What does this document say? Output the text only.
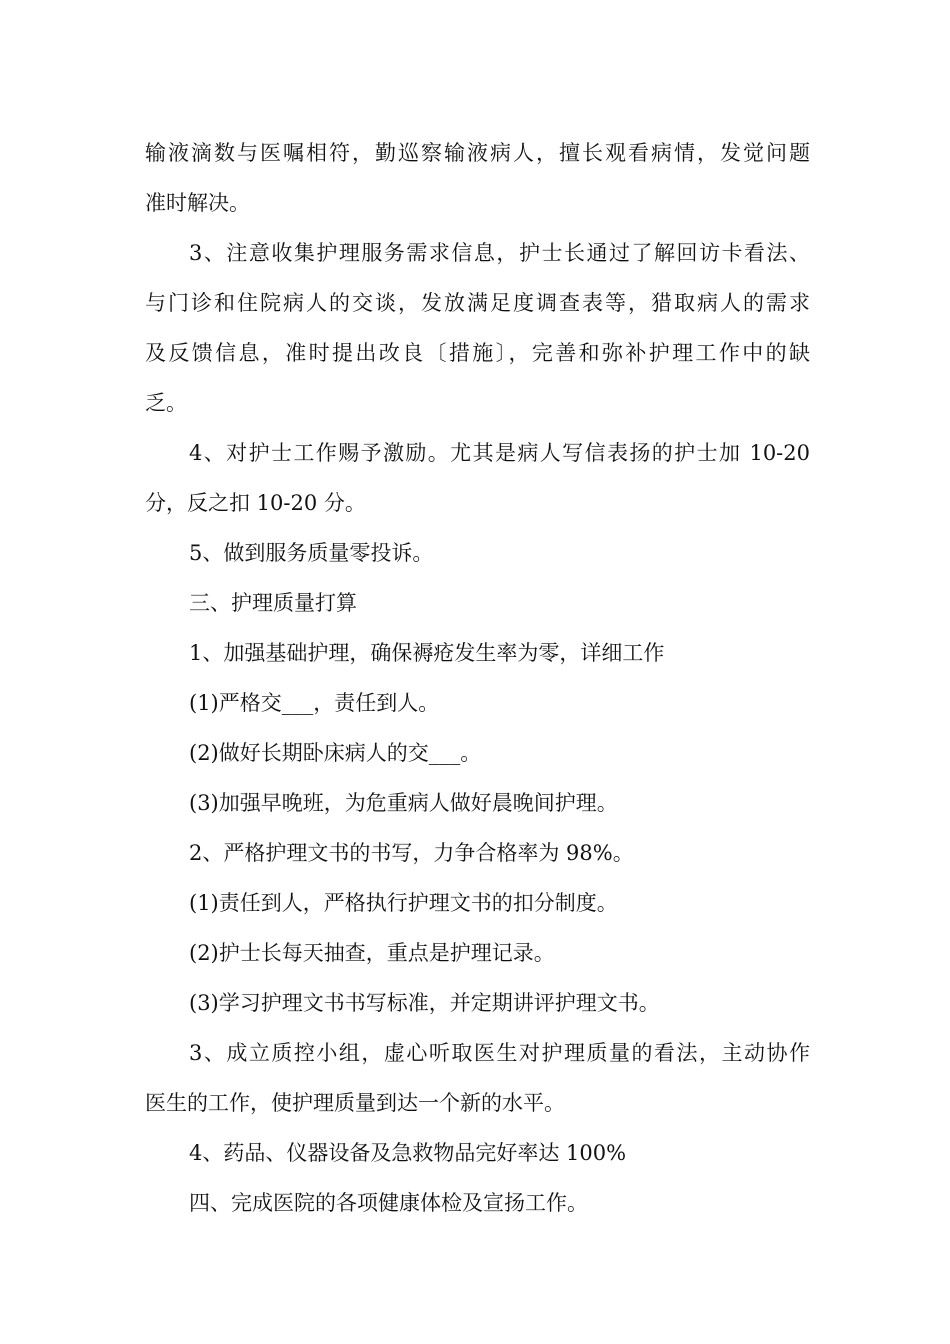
输液滴数与医嘱相符，勤巡察输液病人，擅长观看病情，发觉问题
准时解决。
3、注意收集护理服务需求信息，护士长通过了解回访卡看法、
与门诊和住院病人的交谈，发放满足度调查表等，猎取病人的需求
及反馈信息，准时提出改良〔措施〕，完善和弥补护理工作中的缺
乏。
4、对护士工作赐予激励。尤其是病人写信表扬的护士加 10-20
分，反之扣 10-20 分。
5、做到服务质量零投诉。
三、护理质量打算
1、加强基础护理，确保褥疮发生率为零，详细工作
(1)严格交___，责任到人。
(2)做好长期卧床病人的交___。
(3)加强早晚班，为危重病人做好晨晚间护理。
2、严格护理文书的书写，力争合格率为 98%。
(1)责任到人，严格执行护理文书的扣分制度。
(2)护士长每天抽查，重点是护理记录。
(3)学习护理文书书写标准，并定期讲评护理文书。
3、成立质控小组，虚心听取医生对护理质量的看法，主动协作
医生的工作，使护理质量到达一个新的水平。
4、药品、仪器设备及急救物品完好率达 100%
四、完成医院的各项健康体检及宣扬工作。
